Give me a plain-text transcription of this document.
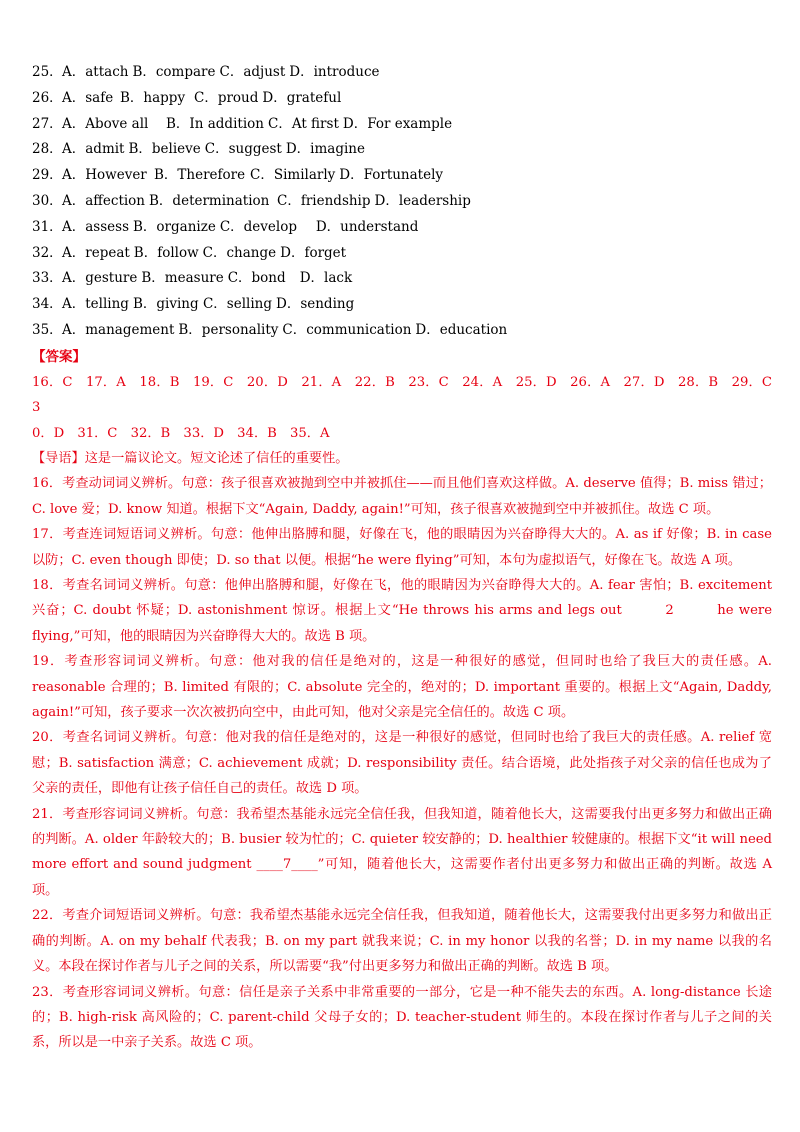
25．A．attach B．compare C．adjust D．introduce
26．A．safe B．happy C．proud D．grateful
27．A．Above all B．In addition C．At first D．For example
28．A．admit B．believe C．suggest D．imagine
29．A．However B．Therefore C．Similarly D．Fortunately
30．A．affection B．determination C．friendship D．leadership
31．A．assess B．organize C．develop D．understand
32．A．repeat B．follow C．change D．forget
33．A．gesture B．measure C．bond D．lack
34．A．telling B．giving C．selling D．sending
35．A．management B．personality C．communication D．education
【答案】
16．C　17．A　18．B　19．C　20．D　21．A　22．B　23．C　24．A　25．D　26．A　27．D　28．B　29．C　3
0．D　31．C　32．B　33．D　34．B　35．A
【导语】这是一篇议论文。短文论述了信任的重要性。
16．考查动词词义辨析。句意：孩子很喜欢被抛到空中并被抓住——而且他们喜欢这样做。A. deserve 值得；B. miss 错过；C. love 爱；D. know 知道。根据下文“Again, Daddy, again!”可知，孩子很喜欢被抛到空中并被抓住。故选 C 项。
17．考查连词短语词义辨析。句意：他伸出胳膊和腿，好像在飞，他的眼睛因为兴奋睁得大大的。A. as if 好像；B. in case 以防；C. even though 即使；D. so that 以便。根据“he were flying”可知，本句为虚拟语气，好像在飞。故选 A 项。
18．考查名词词义辨析。句意：他伸出胳膊和腿，好像在飞，他的眼睛因为兴奋睁得大大的。A. fear 害怕；B. excitement 兴奋；C. doubt 怀疑；D. astonishment 惊讶。根据上文“He throws his arms and legs out　　　2　　　he were flying,”可知，他的眼睛因为兴奋睁得大大的。故选 B 项。
19．考查形容词词义辨析。句意：他对我的信任是绝对的，这是一种很好的感觉，但同时也给了我巨大的责任感。A. reasonable 合理的；B. limited 有限的；C. absolute 完全的，绝对的；D. important 重要的。根据上文“Again, Daddy, again!”可知，孩子要求一次次被扔向空中，由此可知，他对父亲是完全信任的。故选 C 项。
20．考查名词词义辨析。句意：他对我的信任是绝对的，这是一种很好的感觉，但同时也给了我巨大的责任感。A. relief 宽慰；B. satisfaction 满意；C. achievement 成就；D. responsibility 责任。结合语境，此处指孩子对父亲的信任也成为了父亲的责任，即他有让孩子信任自己的责任。故选 D 项。
21．考查形容词词义辨析。句意：我希望杰基能永远完全信任我，但我知道，随着他长大，这需要我付出更多努力和做出正确的判断。A. older 年龄较大的；B. busier 较为忙的；C. quieter 较安静的；D. healthier 较健康的。根据下文“it will need more effort and sound judgment ____7____”可知，随着他长大，这需要作者付出更多努力和做出正确的判断。故选 A 项。
22．考查介词短语词义辨析。句意：我希望杰基能永远完全信任我，但我知道，随着他长大，这需要我付出更多努力和做出正确的判断。A. on my behalf 代表我；B. on my part 就我来说；C. in my honor 以我的名誉；D. in my name 以我的名义。本段在探讨作者与儿子之间的关系，所以需要“我”付出更多努力和做出正确的判断。故选 B 项。
23．考查形容词词义辨析。句意：信任是亲子关系中非常重要的一部分，它是一种不能失去的东西。A. long-distance 长途的；B. high-risk 高风险的；C. parent-child 父母子女的；D. teacher-student 师生的。本段在探讨作者与儿子之间的关系，所以是一中亲子关系。故选 C 项。
